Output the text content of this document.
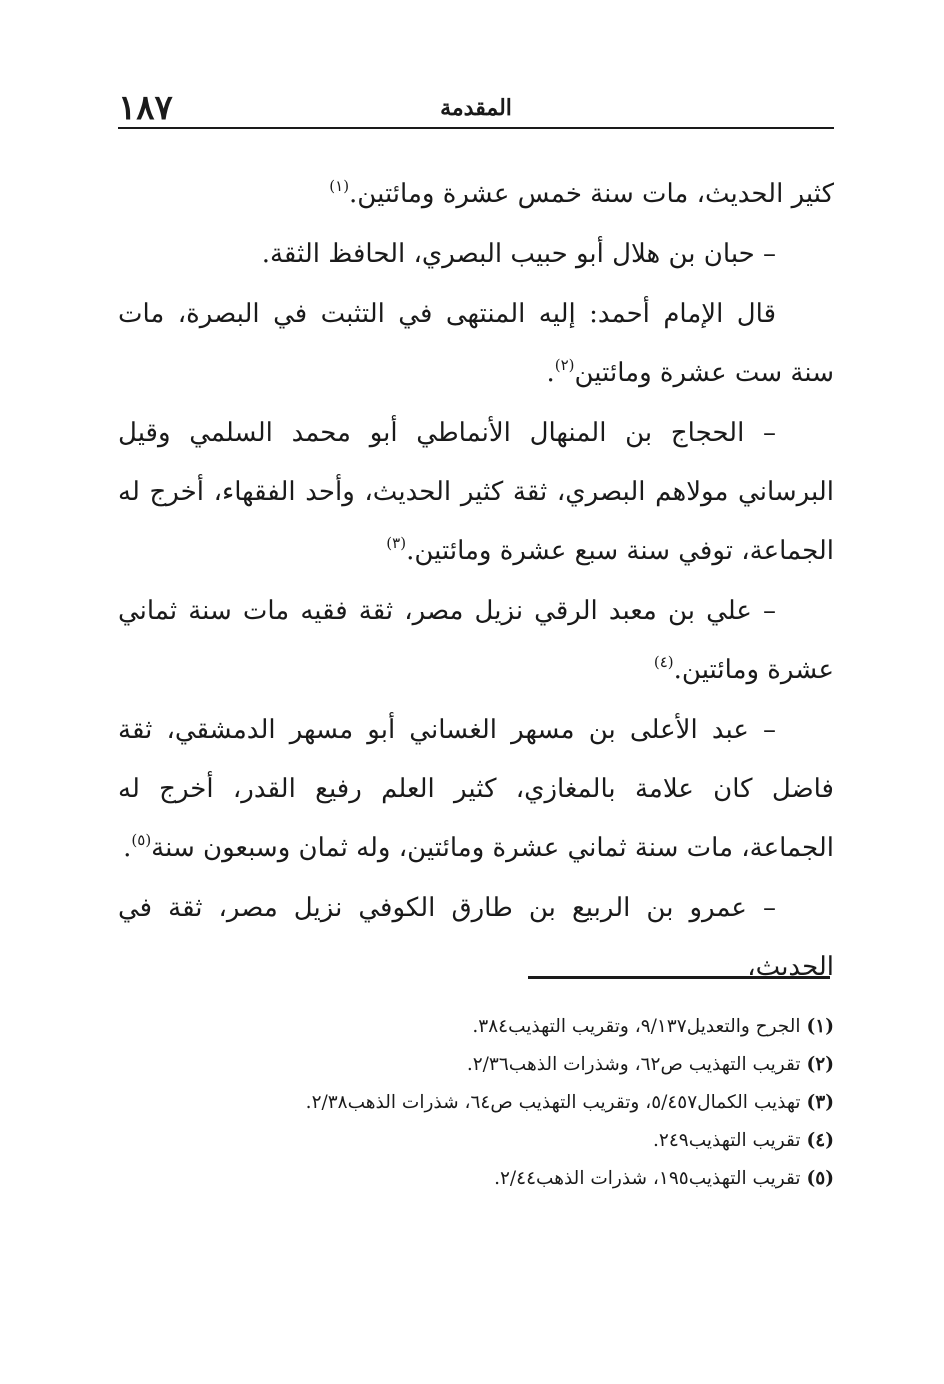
١٨٧	المقدمة

كثير الحديث، مات سنة خمس عشرة ومائتين.$^{(١)}$

– حبان بن هلال أبو حبيب البصري، الحافظ الثقة.

قال الإمام أحمد: إليه المنتهى في التثبت في البصرة، مات سنة ست عشرة ومائتين$^{(٢)}$.

– الحجاج بن المنهال الأنماطي أبو محمد السلمي وقيل البرساني مولاهم البصري، ثقة كثير الحديث، وأحد الفقهاء، أخرج له الجماعة، توفي سنة سبع عشرة ومائتين.$^{(٣)}$

– علي بن معبد الرقي نزيل مصر، ثقة فقيه مات سنة ثماني عشرة ومائتين.$^{(٤)}$

– عبد الأعلى بن مسهر الغساني أبو مسهر الدمشقي، ثقة فاضل كان علامة بالمغازي، كثير العلم رفيع القدر، أخرج له الجماعة، مات سنة ثماني عشرة ومائتين، وله ثمان وسبعون سنة$^{(٥)}$.

– عمرو بن الربيع بن طارق الكوفي نزيل مصر، ثقة في الحديث،

(١)الجرح والتعديل٩/١٣٧، وتقريب التهذيب٣٨٤.

(٢)تقريب التهذيب ص٦٢، وشذرات الذهب٢/٣٦.

(٣)تهذيب الكمال٥/٤٥٧، وتقريب التهذيب ص٦٤، شذرات الذهب٢/٣٨.

(٤)تقريب التهذيب٢٤٩.

(٥)تقريب التهذيب١٩٥، شذرات الذهب٢/٤٤.
